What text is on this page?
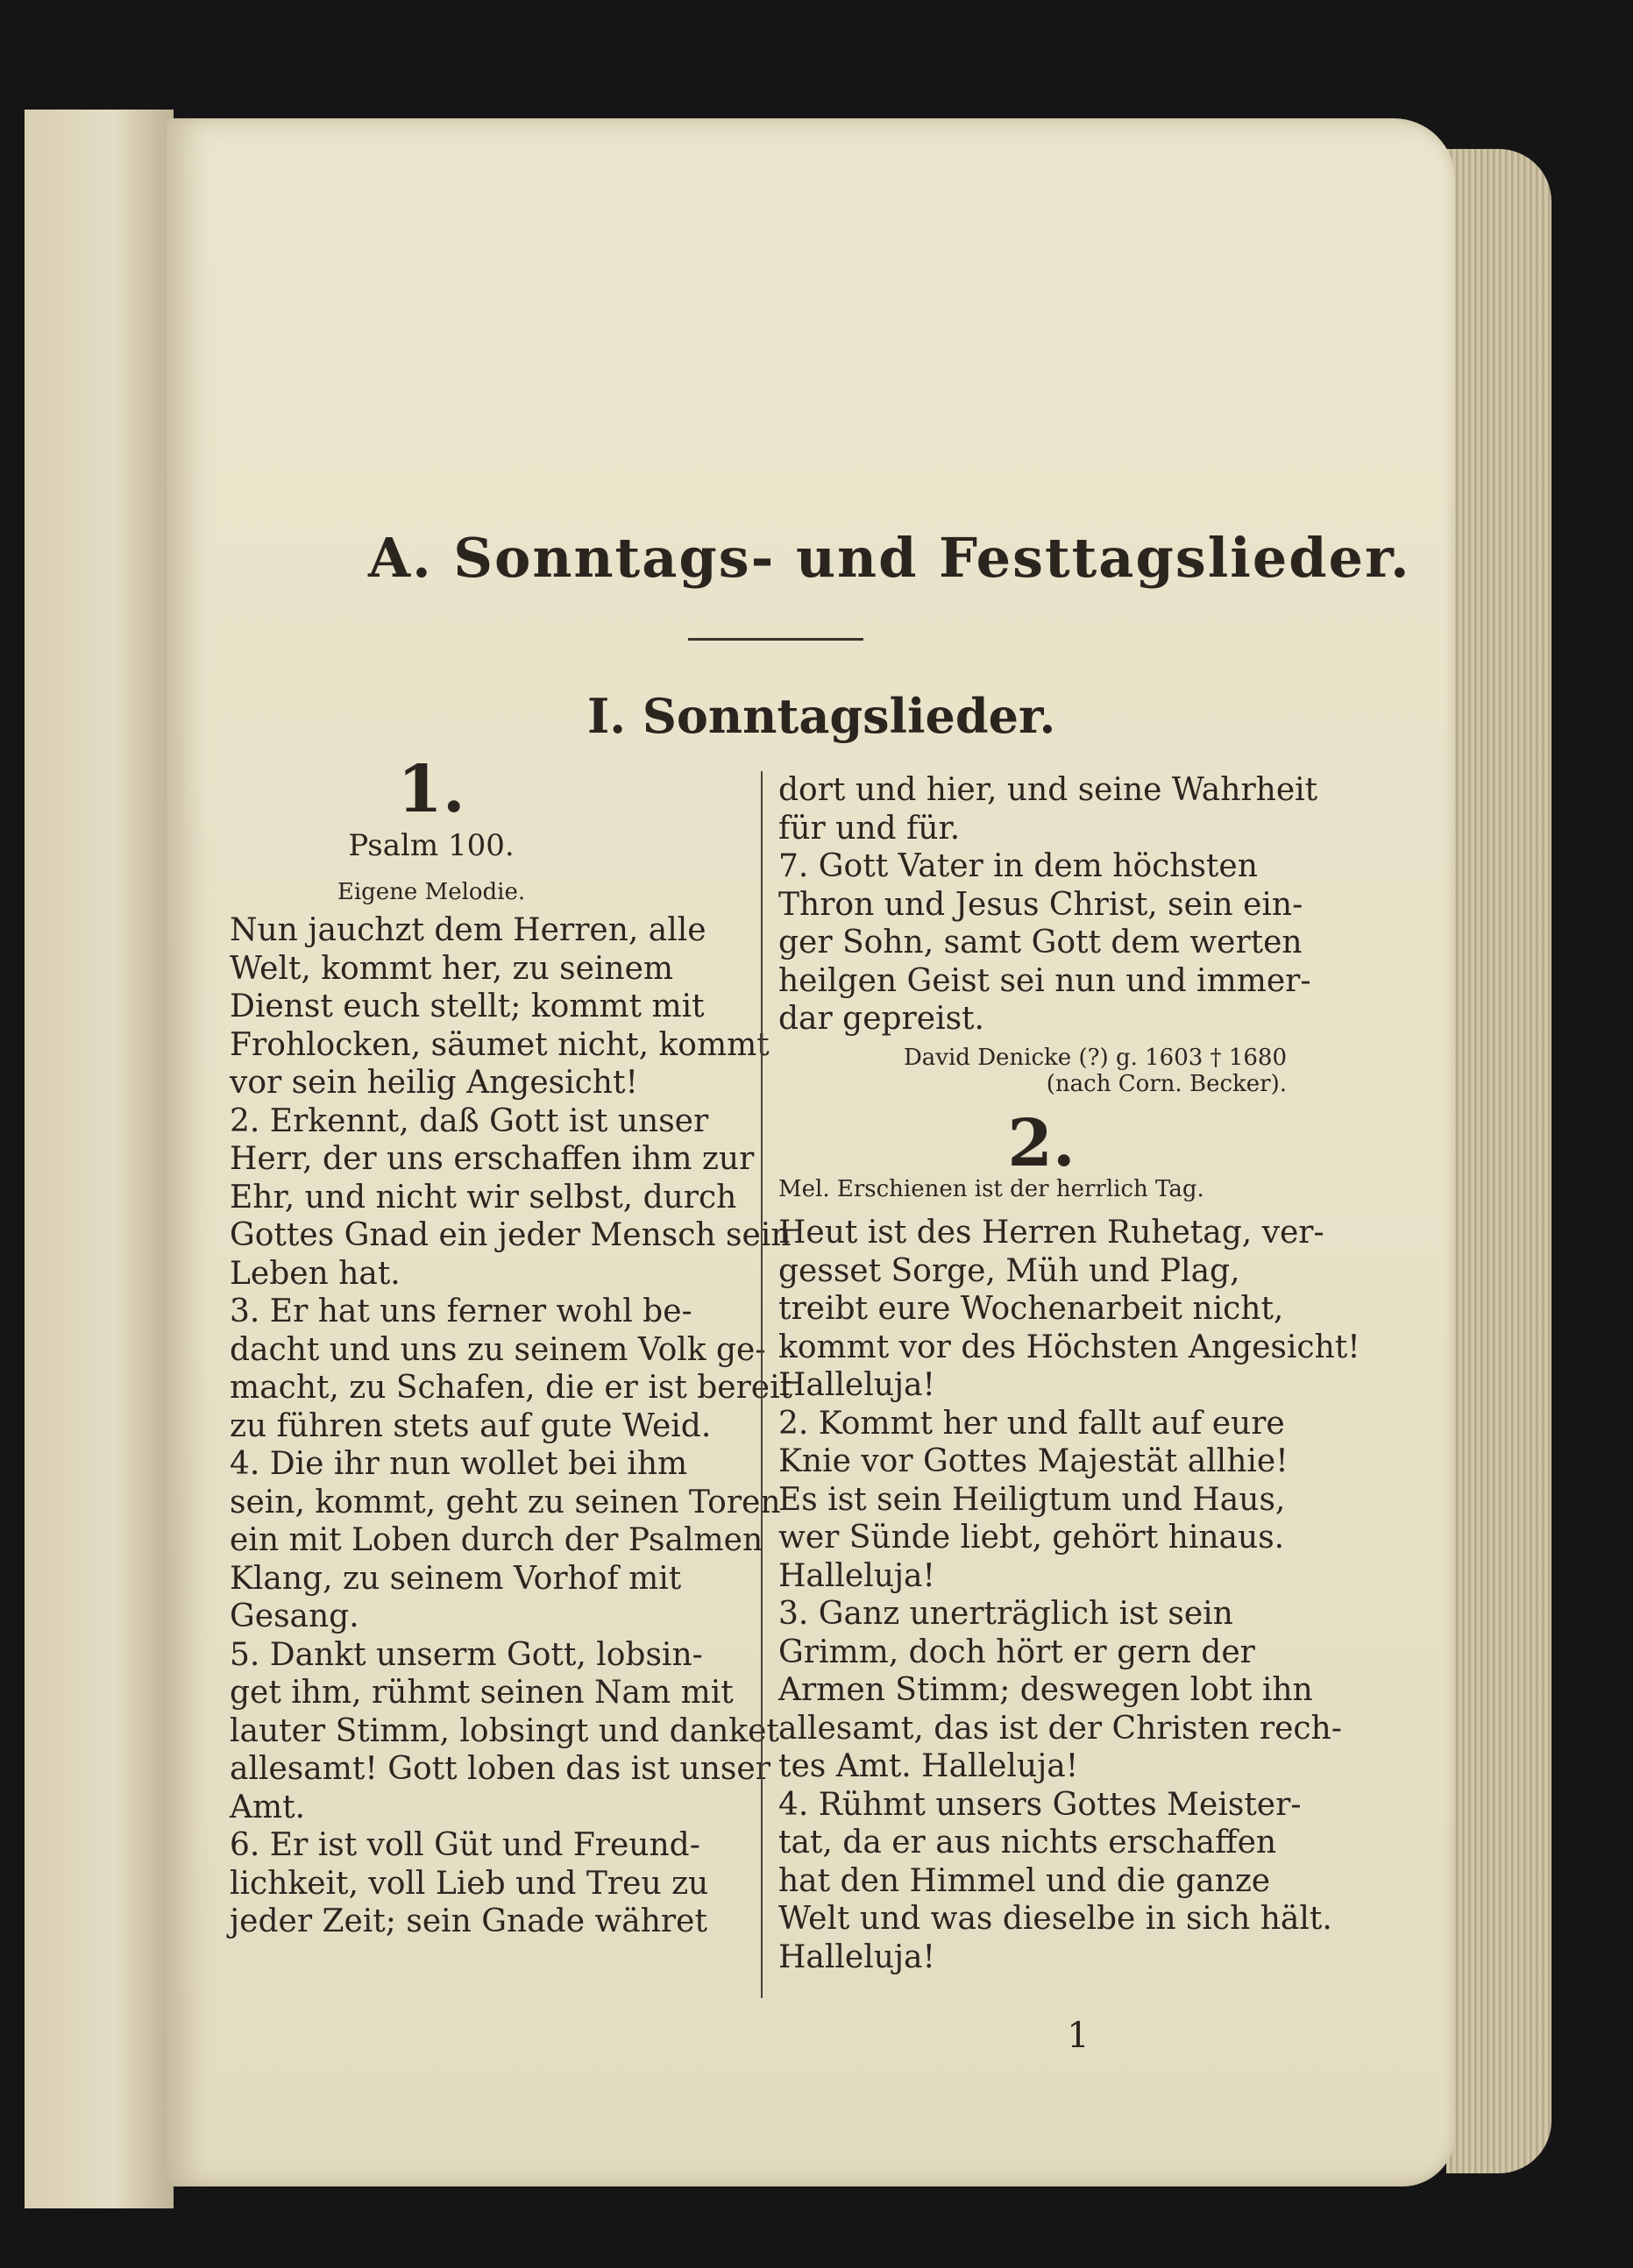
A. Sonntags- und Festtagslieder.
I. Sonntagslieder.
1.
Psalm 100.
Eigene Melodie.
Nun jauchzt dem Herren, alle
Welt, kommt her, zu seinem
Dienst euch stellt; kommt mit
Frohlocken, säumet nicht, kommt
vor sein heilig Angesicht!
2. Erkennt, daß Gott ist unser
Herr, der uns erschaffen ihm zur
Ehr, und nicht wir selbst, durch
Gottes Gnad ein jeder Mensch sein
Leben hat.
3. Er hat uns ferner wohl be-
dacht und uns zu seinem Volk ge-
macht, zu Schafen, die er ist bereit
zu führen stets auf gute Weid.
4. Die ihr nun wollet bei ihm
sein, kommt, geht zu seinen Toren
ein mit Loben durch der Psalmen
Klang, zu seinem Vorhof mit
Gesang.
5. Dankt unserm Gott, lobsin-
get ihm, rühmt seinen Nam mit
lauter Stimm, lobsingt und danket
allesamt! Gott loben das ist unser
Amt.
6. Er ist voll Güt und Freund-
lichkeit, voll Lieb und Treu zu
jeder Zeit; sein Gnade währet
dort und hier, und seine Wahrheit
für und für.
7. Gott Vater in dem höchsten
Thron und Jesus Christ, sein ein-
ger Sohn, samt Gott dem werten
heilgen Geist sei nun und immer-
dar gepreist.
David Denicke (?) g. 1603 † 1680
(nach Corn. Becker).
2.
Mel. Erschienen ist der herrlich Tag.
Heut ist des Herren Ruhetag, ver-
gesset Sorge, Müh und Plag,
treibt eure Wochenarbeit nicht,
kommt vor des Höchsten Angesicht!
Halleluja!
2. Kommt her und fallt auf eure
Knie vor Gottes Majestät allhie!
Es ist sein Heiligtum und Haus,
wer Sünde liebt, gehört hinaus.
Halleluja!
3. Ganz unerträglich ist sein
Grimm, doch hört er gern der
Armen Stimm; deswegen lobt ihn
allesamt, das ist der Christen rech-
tes Amt. Halleluja!
4. Rühmt unsers Gottes Meister-
tat, da er aus nichts erschaffen
hat den Himmel und die ganze
Welt und was dieselbe in sich hält.
Halleluja!
1
